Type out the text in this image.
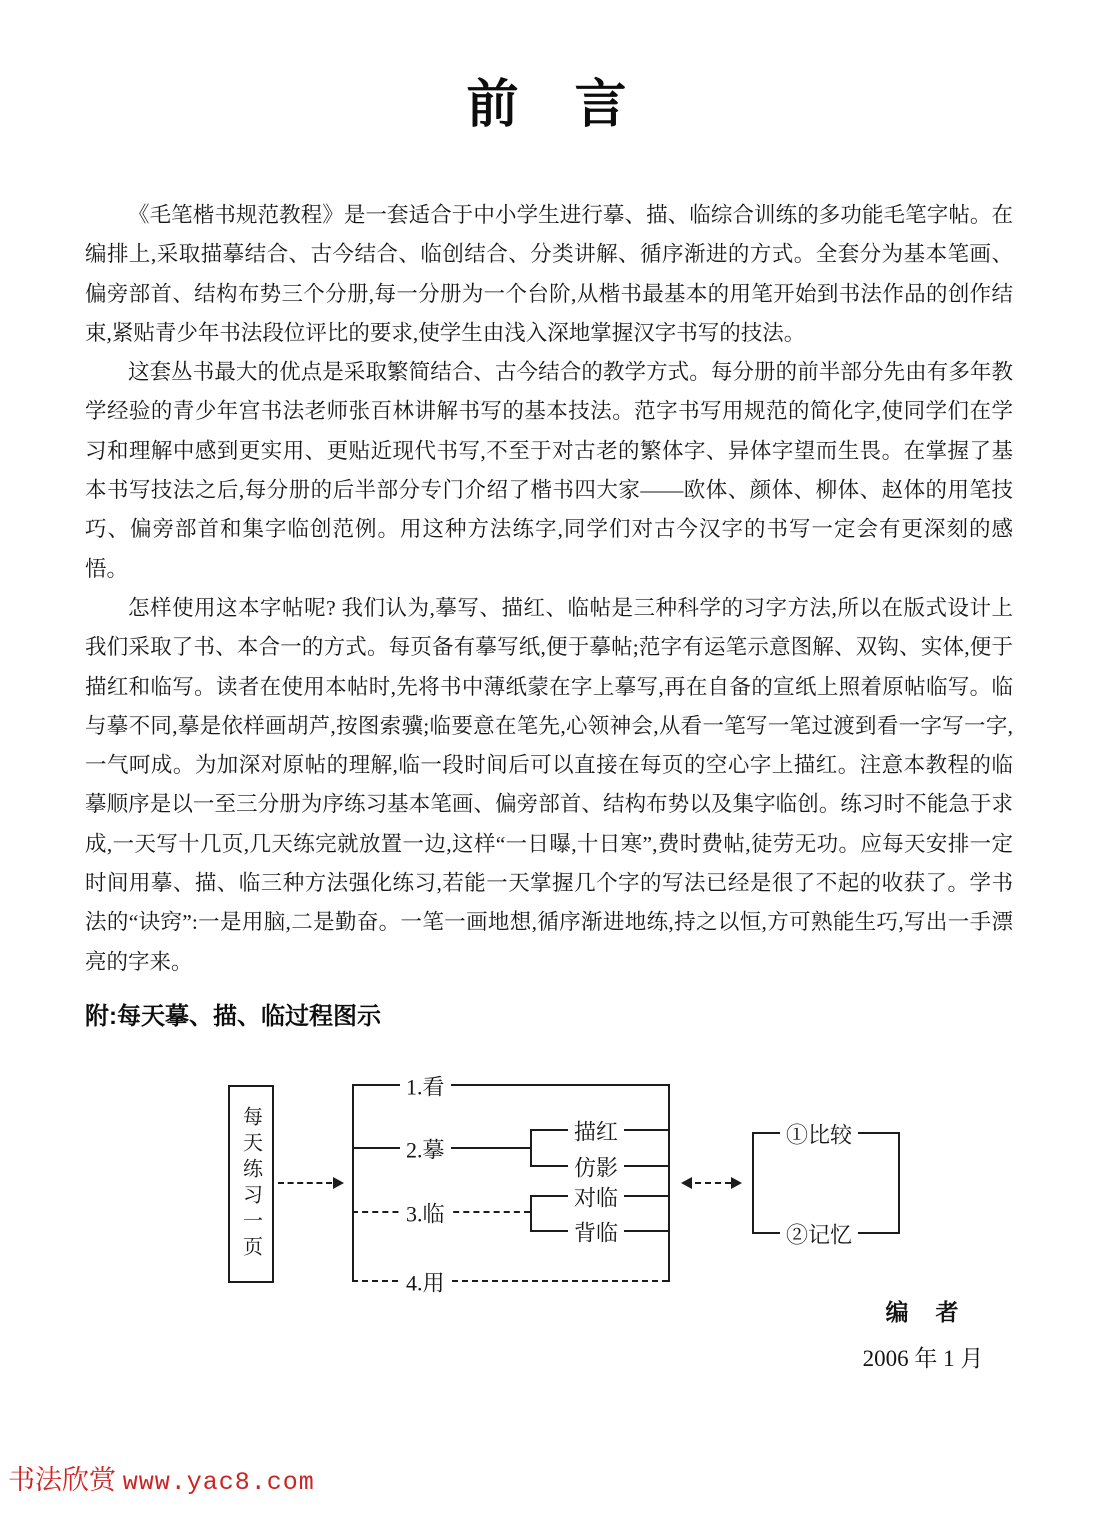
前　言

《毛笔楷书规范教程》是一套适合于中小学生进行摹、描、临综合训练的多功能毛笔字帖。在编排上,采取描摹结合、古今结合、临创结合、分类讲解、循序渐进的方式。全套分为基本笔画、偏旁部首、结构布势三个分册,每一分册为一个台阶,从楷书最基本的用笔开始到书法作品的创作结束,紧贴青少年书法段位评比的要求,使学生由浅入深地掌握汉字书写的技法。

这套丛书最大的优点是采取繁简结合、古今结合的教学方式。每分册的前半部分先由有多年教学经验的青少年宫书法老师张百林讲解书写的基本技法。范字书写用规范的简化字,使同学们在学习和理解中感到更实用、更贴近现代书写,不至于对古老的繁体字、异体字望而生畏。在掌握了基本书写技法之后,每分册的后半部分专门介绍了楷书四大家——欧体、颜体、柳体、赵体的用笔技巧、偏旁部首和集字临创范例。用这种方法练字,同学们对古今汉字的书写一定会有更深刻的感悟。

怎样使用这本字帖呢? 我们认为,摹写、描红、临帖是三种科学的习字方法,所以在版式设计上我们采取了书、本合一的方式。每页备有摹写纸,便于摹帖;范字有运笔示意图解、双钩、实体,便于描红和临写。读者在使用本帖时,先将书中薄纸蒙在字上摹写,再在自备的宣纸上照着原帖临写。临与摹不同,摹是依样画胡芦,按图索骥;临要意在笔先,心领神会,从看一笔写一笔过渡到看一字写一字,一气呵成。为加深对原帖的理解,临一段时间后可以直接在每页的空心字上描红。注意本教程的临摹顺序是以一至三分册为序练习基本笔画、偏旁部首、结构布势以及集字临创。练习时不能急于求成,一天写十几页,几天练完就放置一边,这样“一日曝,十日寒”,费时费帖,徒劳无功。应每天安排一定时间用摹、描、临三种方法强化练习,若能一天掌握几个字的写法已经是很了不起的收获了。学书法的“诀窍”:一是用脑,二是勤奋。一笔一画地想,循序渐进地练,持之以恒,方可熟能生巧,写出一手漂亮的字来。

附:每天摹、描、临过程图示
每天练习一页
1.看
2.摹
描红
仿影
3.临
对临
背临
4.用
①比较
②记忆
编　者
2006 年 1 月
书法欣赏 www.yac8.com
